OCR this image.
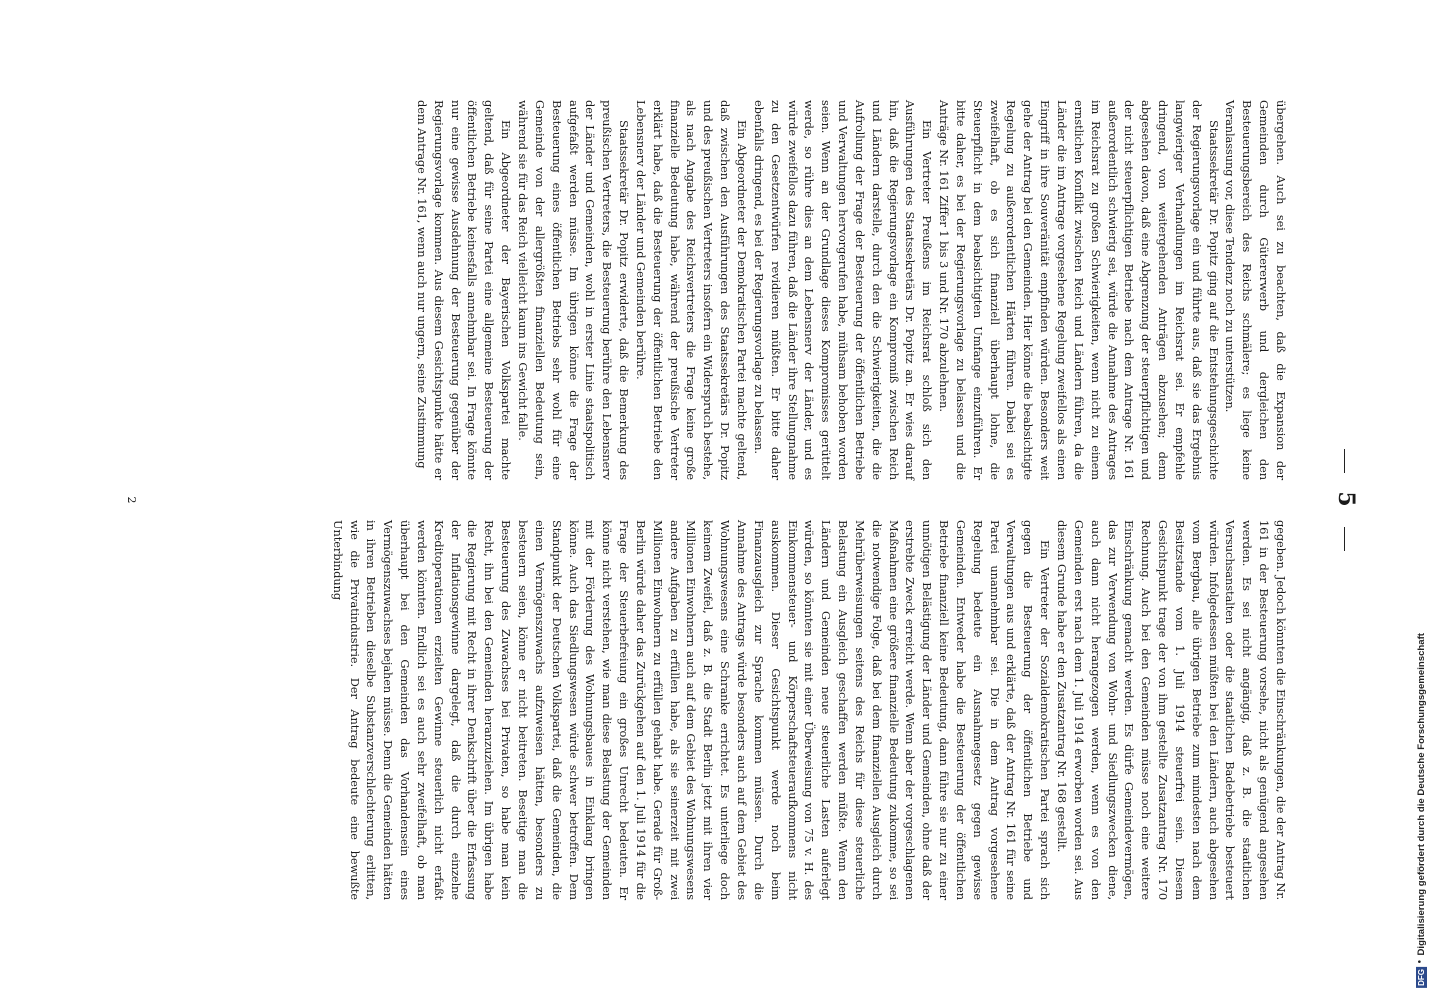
5

übergehen. Auch sei zu beachten, daß die Expansion der Gemeinden durch Gütererwerb und dergleichen den Besteuerungsbereich des Reichs schmälere; es liege keine Veranlassung vor, diese Tendenz noch zu unterstützen.

Staatssekretär Dr. Popitz ging auf die Entstehungsgeschichte der Regierungsvorlage ein und führte aus, daß sie das Ergebnis langwieriger Verhandlungen im Reichsrat sei. Er empfehle dringend, von weitergehenden Anträgen abzusehen; denn abgesehen davon, daß eine Abgrenzung der steuerpflichtigen und der nicht steuerpflichtigen Betriebe nach dem Antrage Nr. 161 außerordentlich schwierig sei, würde die Annahme des Antrages im Reichsrat zu großen Schwierigkeiten, wenn nicht zu einem ernstlichen Konflikt zwischen Reich und Ländern führen, da die Länder die im Antrage vorgesehene Regelung zweifellos als einen Eingriff in ihre Souveränität empfinden würden. Besonders weit gehe der Antrag bei den Gemeinden. Hier könne die beabsichtigte Regelung zu außerordentlichen Härten führen. Dabei sei es zweifelhaft, ob es sich finanziell überhaupt lohne, die Steuerpflicht in dem beabsichtigten Umfange einzuführen. Er bitte daher, es bei der Regierungsvorlage zu belassen und die Anträge Nr. 161 Ziffer 1 bis 3 und Nr. 170 abzulehnen.

Ein Vertreter Preußens im Reichsrat schloß sich den Ausführungen des Staatssekretärs Dr. Popitz an. Er wies darauf hin, daß die Regierungsvorlage ein Kompromiß zwischen Reich und Ländern darstelle, durch den die Schwierigkeiten, die die Aufrollung der Frage der Besteuerung der öffentlichen Betriebe und Verwaltungen hervorgerufen habe, mühsam behoben worden seien. Wenn an der Grundlage dieses Kompromisses gerüttelt werde, so rühre dies an dem Lebensnerv der Länder, und es würde zweifellos dazu führen, daß die Länder ihre Stellungnahme zu den Gesetzentwürfen revidieren müßten. Er bitte daher ebenfalls dringend, es bei der Regierungsvorlage zu belassen.

Ein Abgeordneter der Demokratischen Partei machte geltend, daß zwischen den Ausführungen des Staatssekretärs Dr. Popitz und des preußischen Vertreters insofern ein Widerspruch bestehe, als nach Angabe des Reichsvertreters die Frage keine große finanzielle Bedeutung habe, während der preußische Vertreter erklärt habe, daß die Besteuerung der öffentlichen Betriebe den Lebensnerv der Länder und Gemeinden berühre.

Staatssekretär Dr. Popitz erwiderte, daß die Bemerkung des preußischen Vertreters, die Besteuerung berühre den Lebensnerv der Länder und Gemeinden, wohl in erster Linie staatspolitisch aufgefaßt werden müsse. Im übrigen könne die Frage der Besteuerung eines öffentlichen Betriebs sehr wohl für eine Gemeinde von der allergrößten finanziellen Bedeutung sein, während sie für das Reich vielleicht kaum ins Gewicht falle.

Ein Abgeordneter der Bayerischen Volkspartei machte geltend, daß für seine Partei eine allgemeine Besteuerung der öffentlichen Betriebe keinesfalls annehmbar sei. In Frage könnte nur eine gewisse Ausdehnung der Besteuerung gegenüber der Regierungsvorlage kommen. Aus diesem Gesichtspunkte hätte er dem Antrage Nr. 161, wenn auch nur ungern, seine Zustimmung

gegeben. Jedoch könnten die Einschränkungen, die der Antrag Nr. 161 in der Besteuerung vorsehe, nicht als genügend angesehen werden. Es sei nicht angängig, daß z. B. die staatlichen Versuchsanstalten oder die staatlichen Badebetriebe besteuert würden. Infolgedessen müßten bei den Ländern, auch abgesehen vom Bergbau, alle übrigen Betriebe zum mindesten nach dem Besitzstande vom 1. Juli 1914 steuerfrei sein. Diesem Gesichtspunkt trage der von ihm gestellte Zusatzantrag Nr. 170 Rechnung. Auch bei den Gemeinden müsse noch eine weitere Einschränkung gemacht werden. Es dürfe Gemeindevermögen, das zur Verwendung von Wohn- und Siedlungszwecken diene, auch dann nicht herangezogen werden, wenn es von den Gemeinden erst nach dem 1. Juli 1914 erworben worden sei. Aus diesem Grunde habe er den Zusatzantrag Nr. 168 gestellt.

Ein Vertreter der Sozialdemokratischen Partei sprach sich gegen die Besteuerung der öffentlichen Betriebe und Verwaltungen aus und erklärte, daß der Antrag Nr. 161 für seine Partei unannehmbar sei. Die in dem Antrag vorgesehene Regelung bedeute ein Ausnahmegesetz gegen gewisse Gemeinden. Entweder habe die Besteuerung der öffentlichen Betriebe finanziell keine Bedeutung, dann führe sie nur zu einer unnötigen Belästigung der Länder und Gemeinden, ohne daß der erstrebte Zweck erreicht werde. Wenn aber der vorgeschlagenen Maßnahmen eine größere finanzielle Bedeutung zukomme, so sei die notwendige Folge, daß bei dem finanziellen Ausgleich durch Mehrüberweisungen seitens des Reichs für diese steuerliche Belastung ein Ausgleich geschaffen werden müßte. Wenn den Ländern und Gemeinden neue steuerliche Lasten auferlegt würden, so könnten sie mit einer Überweisung von 75 v. H. des Einkommensteuer- und Körperschaftsteueraufkommens nicht auskommen. Dieser Gesichtspunkt werde noch beim Finanzausgleich zur Sprache kommen müssen. Durch die Annahme des Antrags würde besonders auch auf dem Gebiet des Wohnungswesens eine Schranke errichtet. Es unterliege doch keinem Zweifel, daß z. B. die Stadt Berlin jetzt mit ihren vier Millionen Einwohnern auch auf dem Gebiet des Wohnungswesens andere Aufgaben zu erfüllen habe, als sie seinerzeit mit zwei Millionen Einwohnern zu erfüllen gehabt habe. Gerade für Groß-Berlin würde daher das Zurückgehen auf den 1. Juli 1914 für die Frage der Steuerbefreiung ein großes Unrecht bedeuten. Er könne nicht verstehen, wie man diese Belastung der Gemeinden mit der Förderung des Wohnungsbaues in Einklang bringen könne. Auch das Siedlungswesen würde schwer betroffen. Dem Standpunkt der Deutschen Volkspartei, daß die Gemeinden, die einen Vermögenszuwachs aufzuweisen hätten, besonders zu besteuern seien, könne er nicht beitreten. Beseitige man die Besteuerung des Zuwachses bei Privaten, so habe man kein Recht, ihn bei den Gemeinden heranzuziehen. Im übrigen habe die Regierung mit Recht in ihrer Denkschrift über die Erfassung der Inflationsgewinne dargelegt, daß die durch einzelne Kreditoperationen erzielten Gewinne steuerlich nicht erfaßt werden könnten. Endlich sei es auch sehr zweifelhaft, ob man überhaupt bei den Gemeinden das Vorhandensein eines Vermögenszuwachses bejahen müsse. Denn die Gemeinden hätten in ihren Betrieben dieselbe Substanzverschlechterung erlitten, wie die Privatindustrie. Der Antrag bedeute eine bewußte Unterbindung

2
Digitalisierung gefördert durch die Deutsche Forschungsgemeinschaft
•
DFG
